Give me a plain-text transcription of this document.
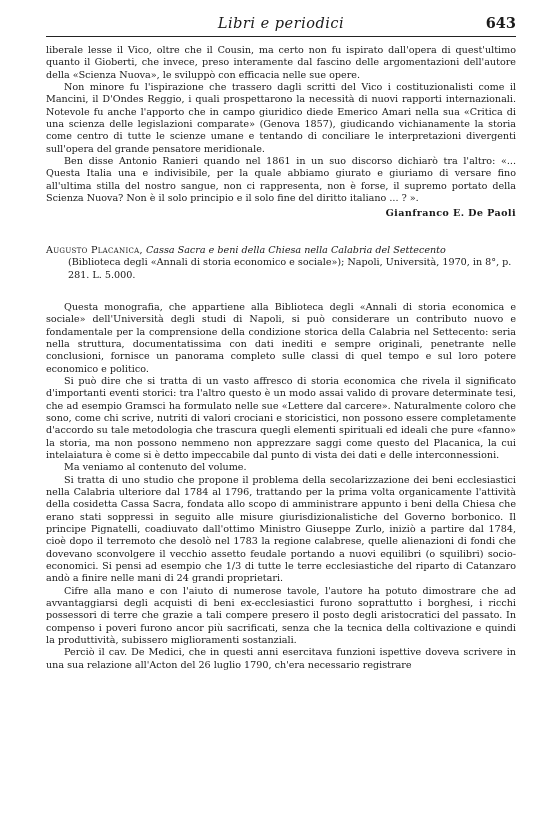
Libri e periodici	643

liberale lesse il Vico, oltre che il Cousin, ma certo non fu ispirato dall'opera di quest'ultimo quanto il Gioberti, che invece, preso interamente dal fascino delle argomentazioni dell'autore della «Scienza Nuova», le sviluppò con efficacia nelle sue opere.

Non minore fu l'ispirazione che trassero dagli scritti del Vico i costituzionalisti come il Mancini, il D'Ondes Reggio, i quali prospettarono la necessità di nuovi rapporti internazionali. Notevole fu anche l'apporto che in campo giuridico diede Emerico Amari nella sua «Critica di una scienza delle legislazioni comparate» (Genova 1857), giudicando vichianamente la storia come centro di tutte le scienze umane e tentando di conciliare le interpretazioni divergenti sull'opera del grande pensatore meridionale.

Ben disse Antonio Ranieri quando nel 1861 in un suo discorso dichiarò tra l'altro: «... Questa Italia una e indivisibile, per la quale abbiamo giurato e giuriamo di versare fino all'ultima stilla del nostro sangue, non ci rappresenta, non è forse, il supremo portato della Scienza Nuova? Non è il solo principio e il solo fine del diritto italiano ... ? ».

Gianfranco E. De Paoli
Augusto Placanica, Cassa Sacra e beni della Chiesa nella Calabria del Settecento
(Biblioteca degli «Annali di storia economico e sociale»); Napoli, Università, 1970, in 8°, p. 281. L. 5.000.

Questa monografia, che appartiene alla Biblioteca degli «Annali di storia economica e sociale» dell'Università degli studi di Napoli, si può considerare un contributo nuovo e fondamentale per la comprensione della condizione storica della Calabria nel Settecento: seria nella struttura, documentatissima con dati inediti e sempre originali, penetrante nelle conclusioni, fornisce un panorama completo sulle classi di quel tempo e sul loro potere economico e politico.

Si può dire che si tratta di un vasto affresco di storia economica che rivela il significato d'importanti eventi storici: tra l'altro questo è un modo assai valido di provare determinate tesi, che ad esempio Gramsci ha formulato nelle sue «Lettere dal carcere». Naturalmente coloro che sono, come chi scrive, nutriti di valori crociani e storicistici, non possono essere completamente d'accordo su tale metodologia che trascura quegli elementi spirituali ed ideali che pure «fanno» la storia, ma non possono nemmeno non apprezzare saggi come questo del Placanica, la cui intelaiatura è come si è detto impeccabile dal punto di vista dei dati e delle interconnessioni.

Ma veniamo al contenuto del volume.

Si tratta di uno studio che propone il problema della secolarizzazione dei beni ecclesiastici nella Calabria ulteriore dal 1784 al 1796, trattando per la prima volta organicamente l'attività della cosidetta Cassa Sacra, fondata allo scopo di amministrare appunto i beni della Chiesa che erano stati soppressi in seguito alle misure giurisdizionalistiche del Governo borbonico. Il principe Pignatelli, coadiuvato dall'ottimo Ministro Giuseppe Zurlo, iniziò a partire dal 1784, cioè dopo il terremoto che desolò nel 1783 la regione calabrese, quelle alienazioni di fondi che dovevano sconvolgere il vecchio assetto feudale portando a nuovi equilibri (o squilibri) socio-economici. Si pensi ad esempio che 1/3 di tutte le terre ecclesiastiche del riparto di Catanzaro andò a finire nelle mani di 24 grandi proprietari.

Cifre alla mano e con l'aiuto di numerose tavole, l'autore ha potuto dimostrare che ad avvantaggiarsi degli acquisti di beni ex-ecclesiastici furono soprattutto i borghesi, i ricchi possessori di terre che grazie a tali compere presero il posto degli aristocratici del passato. In compenso i poveri furono ancor più sacrificati, senza che la tecnica della coltivazione e quindi la produttività, subissero miglioramenti sostanziali.

Perciò il cav. De Medici, che in questi anni esercitava funzioni ispettive doveva scrivere in una sua relazione all'Acton del 26 luglio 1790, ch'era necessario registrare
